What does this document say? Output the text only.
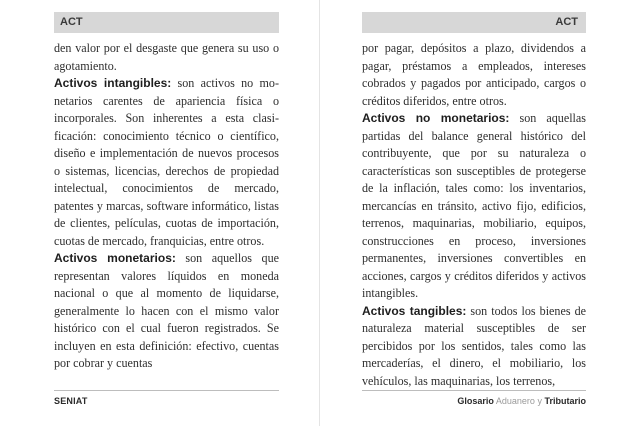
ACT	ACT

den valor por el desgaste que genera su uso o agotamiento.

Activos intangibles: son activos no monetarios carentes de apariencia física o incorporales. Son inherentes a esta clasificación: conocimiento técnico o científico, diseño e implementación de nuevos procesos o sistemas, licencias, derechos de propiedad intelectual, conocimientos de mercado, patentes y marcas, software informático, listas de clientes, películas, cuotas de importación, cuotas de mercado, franquicias, entre otros.

Activos monetarios: son aquellos que representan valores líquidos en moneda nacional o que al momento de liquidarse, generalmente lo hacen con el mismo valor histórico con el cual fueron registrados. Se incluyen en esta definición: efectivo, cuentas por cobrar y cuentas

por pagar, depósitos a plazo, dividendos a pagar, préstamos a empleados, intereses cobrados y pagados por anticipado, cargos o créditos diferidos, entre otros.

Activos no monetarios: son aquellas partidas del balance general histórico del contribuyente, que por su naturaleza o características son susceptibles de protegerse de la inflación, tales como: los inventarios, mercancías en tránsito, activo fijo, edificios, terrenos, maquinarias, mobiliario, equipos, construcciones en proceso, inversiones permanentes, inversiones convertibles en acciones, cargos y créditos diferidos y activos intangibles.

Activos tangibles: son todos los bienes de naturaleza material susceptibles de ser percibidos por los sentidos, tales como las mercaderías, el dinero, el mobiliario, los vehículos, las maquinarias, los terrenos,

SENIAT	Glosario Aduanero y Tributario
